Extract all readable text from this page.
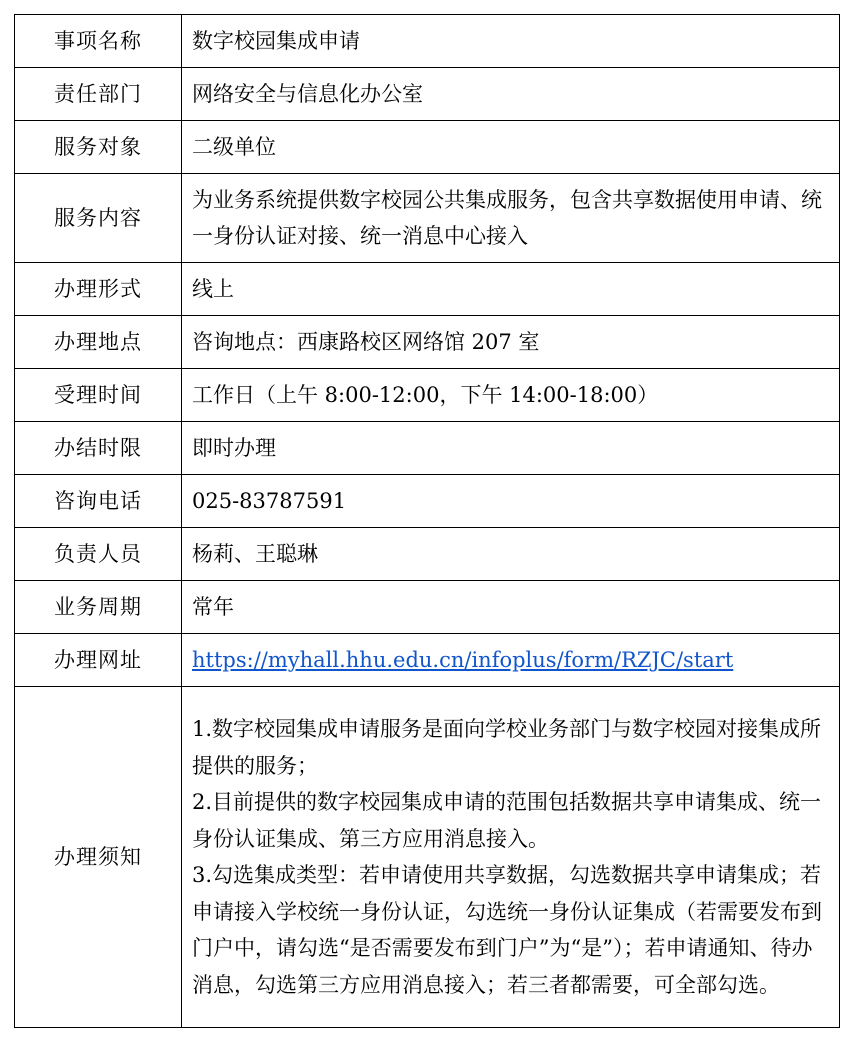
事项名称	数字校园集成申请
责任部门	网络安全与信息化办公室
服务对象	二级单位
服务内容	为业务系统提供数字校园公共集成服务，包含共享数据使用申请、统一身份认证对接、统一消息中心接入
办理形式	线上
办理地点	咨询地点：西康路校区网络馆 207 室
受理时间	工作日（上午 8:00-12:00，下午 14:00-18:00）
办结时限	即时办理
咨询电话	025-83787591
负责人员	杨莉、王聪琳
业务周期	常年
办理网址	https://myhall.hhu.edu.cn/infoplus/form/RZJC/start
办理须知	1.数字校园集成申请服务是面向学校业务部门与数字校园对接集成所提供的服务；
2.目前提供的数字校园集成申请的范围包括数据共享申请集成、统一身份认证集成、第三方应用消息接入。
3.勾选集成类型：若申请使用共享数据，勾选数据共享申请集成；若申请接入学校统一身份认证，勾选统一身份认证集成（若需要发布到门户中，请勾选“是否需要发布到门户”为“是”）；若申请通知、待办消息，勾选第三方应用消息接入；若三者都需要，可全部勾选。
